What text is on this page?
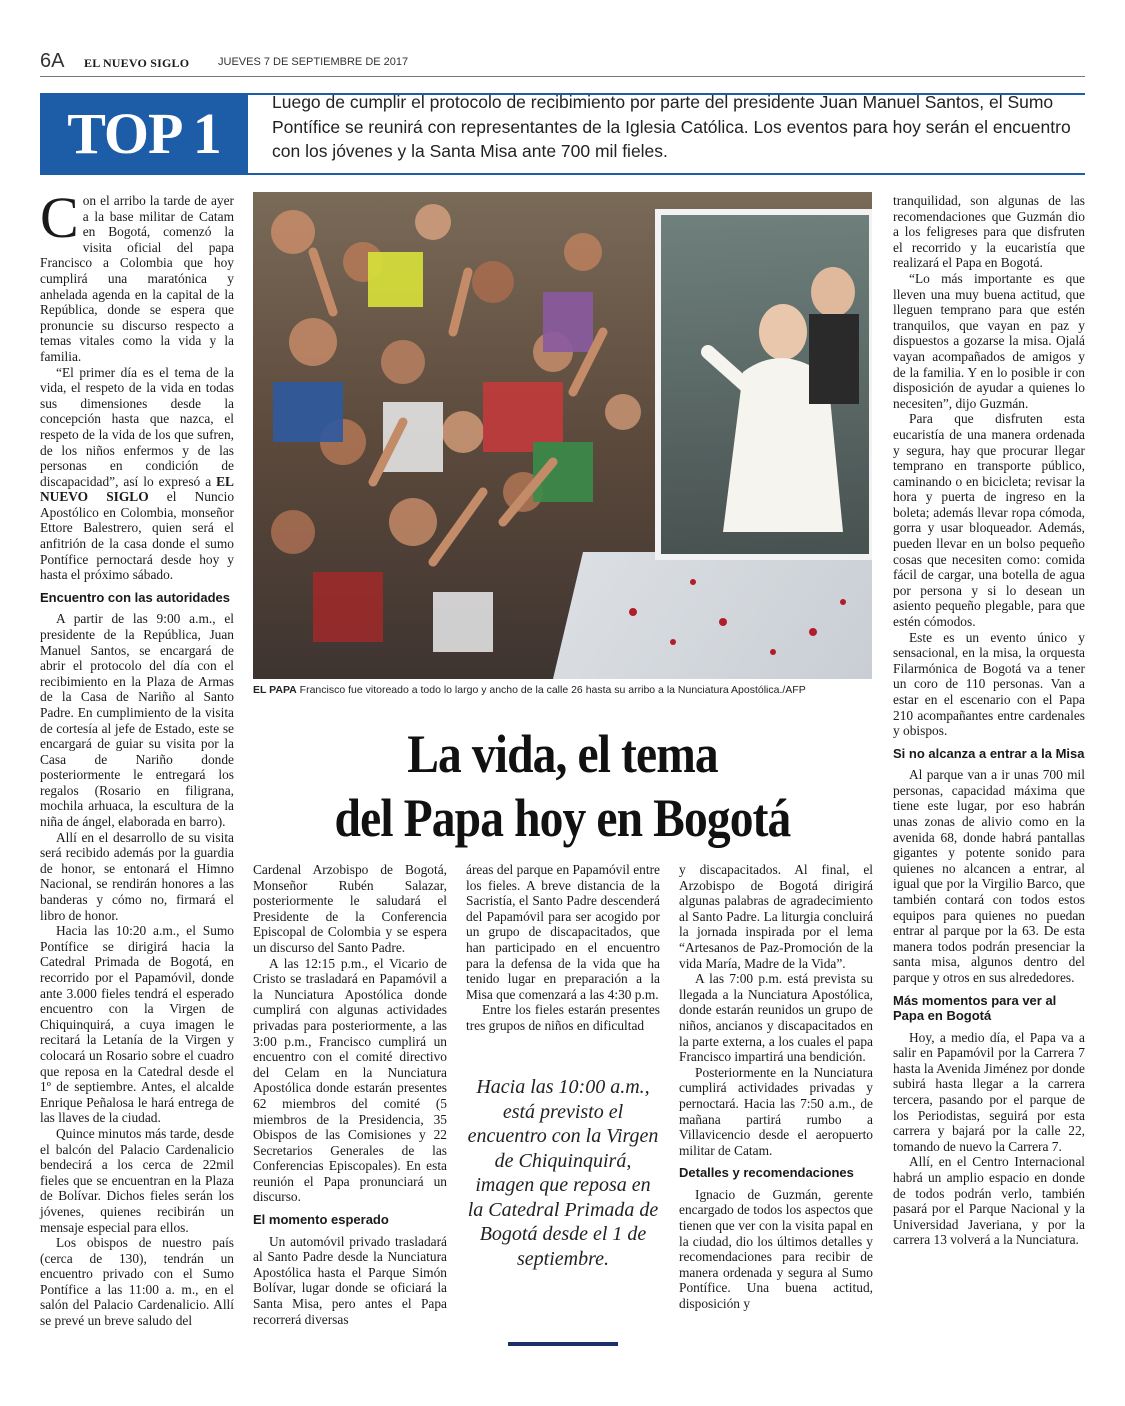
6A EL NUEVO SIGLO	JUEVES 7 DE SEPTIEMBRE DE 2017
TOP 1	Luego de cumplir el protocolo de recibimiento por parte del presidente Juan Manuel Santos, el Sumo Pontífice se reunirá con representantes de la Iglesia Católica. Los eventos para hoy serán el encuentro con los jóvenes y la Santa Misa ante 700 mil fieles.

Con el arribo la tarde de ayer a la base militar de Catam en Bogotá, comenzó la visita oficial del papa Francisco a Colombia que hoy cumplirá una maratónica y anhelada agenda en la capital de la República, donde se espera que pronuncie su discurso respecto a temas vitales como la vida y la familia.

“El primer día es el tema de la vida, el respeto de la vida en todas sus dimensiones desde la concepción hasta que nazca, el respeto de la vida de los que sufren, de los niños enfermos y de las personas en condición de discapacidad”, así lo expresó a EL NUEVO SIGLO el Nuncio Apostólico en Colombia, monseñor Ettore Balestrero, quien será el anfitrión de la casa donde el sumo Pontífice pernoctará desde hoy y hasta el próximo sábado.

Encuentro con las autoridades

A partir de las 9:00 a.m., el presidente de la República, Juan Manuel Santos, se encargará de abrir el protocolo del día con el recibimiento en la Plaza de Armas de la Casa de Nariño al Santo Padre. En cumplimiento de la visita de cortesía al jefe de Estado, este se encargará de guiar su visita por la Casa de Nariño donde posteriormente le entregará los regalos (Rosario en filigrana, mochila arhuaca, la escultura de la niña de ángel, elaborada en barro).

Allí en el desarrollo de su visita será recibido además por la guardia de honor, se entonará el Himno Nacional, se rendirán honores a las banderas y cómo no, firmará el libro de honor.

Hacia las 10:20 a.m., el Sumo Pontífice se dirigirá hacia la Catedral Primada de Bogotá, en recorrido por el Papamóvil, donde ante 3.000 fieles tendrá el esperado encuentro con la Virgen de Chiquinquirá, a cuya imagen le recitará la Letanía de la Virgen y colocará un Rosario sobre el cuadro que reposa en la Catedral desde el 1º de septiembre. Antes, el alcalde Enrique Peñalosa le hará entrega de las llaves de la ciudad.

Quince minutos más tarde, desde el balcón del Palacio Cardenalicio bendecirá a los cerca de 22mil fieles que se encuentran en la Plaza de Bolívar. Dichos fieles serán los jóvenes, quienes recibirán un mensaje especial para ellos.

Los obispos de nuestro país (cerca de 130), tendrán un encuentro privado con el Sumo Pontífice a las 11:00 a. m., en el salón del Palacio Cardenalicio. Allí se prevé un breve saludo del

EL PAPA Francisco fue vitoreado a todo lo largo y ancho de la calle 26 hasta su arribo a la Nunciatura Apostólica./AFP
La vida, el tema
del Papa hoy en Bogotá

Cardenal Arzobispo de Bogotá, Monseñor Rubén Salazar, posteriormente le saludará el Presidente de la Conferencia Episcopal de Colombia y se espera un discurso del Santo Padre.

A las 12:15 p.m., el Vicario de Cristo se trasladará en Papamóvil a la Nunciatura Apostólica donde cumplirá con algunas actividades privadas para posteriormente, a las 3:00 p.m., Francisco cumplirá un encuentro con el comité directivo del Celam en la Nunciatura Apostólica donde estarán presentes 62 miembros del comité (5 miembros de la Presidencia, 35 Obispos de las Comisiones y 22 Secretarios Generales de las Conferencias Episcopales). En esta reunión el Papa pronunciará un discurso.

El momento esperado

Un automóvil privado trasladará al Santo Padre desde la Nunciatura Apostólica hasta el Parque Simón Bolívar, lugar donde se oficiará la Santa Misa, pero antes el Papa recorrerá diversas

áreas del parque en Papamóvil entre los fieles. A breve distancia de la Sacristía, el Santo Padre descenderá del Papamóvil para ser acogido por un grupo de discapacitados, que han participado en el encuentro para la defensa de la vida que ha tenido lugar en preparación a la Misa que comenzará a las 4:30 p.m.

Entre los fieles estarán presentes tres grupos de niños en dificultad

Hacia las 10:00 a.m., está previsto el encuentro con la Virgen de Chiquinquirá, imagen que reposa en la Catedral Primada de Bogotá desde el 1 de septiembre.

y discapacitados. Al final, el Arzobispo de Bogotá dirigirá algunas palabras de agradecimiento al Santo Padre. La liturgia concluirá la jornada inspirada por el lema “Artesanos de Paz-Promoción de la vida María, Madre de la Vida”.

A las 7:00 p.m. está prevista su llegada a la Nunciatura Apostólica, donde estarán reunidos un grupo de niños, ancianos y discapacitados en la parte externa, a los cuales el papa Francisco impartirá una bendición.

Posteriormente en la Nunciatura cumplirá actividades privadas y pernoctará. Hacia las 7:50 a.m., de mañana partirá rumbo a Villavicencio desde el aeropuerto militar de Catam.

Detalles y recomendaciones

Ignacio de Guzmán, gerente encargado de todos los aspectos que tienen que ver con la visita papal en la ciudad, dio los últimos detalles y recomendaciones para recibir de manera ordenada y segura al Sumo Pontífice. Una buena actitud, disposición y

tranquilidad, son algunas de las recomendaciones que Guzmán dio a los feligreses para que disfruten el recorrido y la eucaristía que realizará el Papa en Bogotá.

“Lo más importante es que lleven una muy buena actitud, que lleguen temprano para que estén tranquilos, que vayan en paz y dispuestos a gozarse la misa. Ojalá vayan acompañados de amigos y de la familia. Y en lo posible ir con disposición de ayudar a quienes lo necesiten”, dijo Guzmán.

Para que disfruten esta eucaristía de una manera ordenada y segura, hay que procurar llegar temprano en transporte público, caminando o en bicicleta; revisar la hora y puerta de ingreso en la boleta; además llevar ropa cómoda, gorra y usar bloqueador. Además, pueden llevar en un bolso pequeño cosas que necesiten como: comida fácil de cargar, una botella de agua por persona y si lo desean un asiento pequeño plegable, para que estén cómodos.

Este es un evento único y sensacional, en la misa, la orquesta Filarmónica de Bogotá va a tener un coro de 110 personas. Van a estar en el escenario con el Papa 210 acompañantes entre cardenales y obispos.

Si no alcanza a entrar a la Misa

Al parque van a ir unas 700 mil personas, capacidad máxima que tiene este lugar, por eso habrán unas zonas de alivio como en la avenida 68, donde habrá pantallas gigantes y potente sonido para quienes no alcancen a entrar, al igual que por la Virgilio Barco, que también contará con todos estos equipos para quienes no puedan entrar al parque por la 63. De esta manera todos podrán presenciar la santa misa, algunos dentro del parque y otros en sus alrededores.

Más momentos para ver al Papa en Bogotá

Hoy, a medio día, el Papa va a salir en Papamóvil por la Carrera 7 hasta la Avenida Jiménez por donde subirá hasta llegar a la carrera tercera, pasando por el parque de los Periodistas, seguirá por esta carrera y bajará por la calle 22, tomando de nuevo la Carrera 7.

Allí, en el Centro Internacional habrá un amplio espacio en donde de todos podrán verlo, también pasará por el Parque Nacional y la Universidad Javeriana, y por la carrera 13 volverá a la Nunciatura.
